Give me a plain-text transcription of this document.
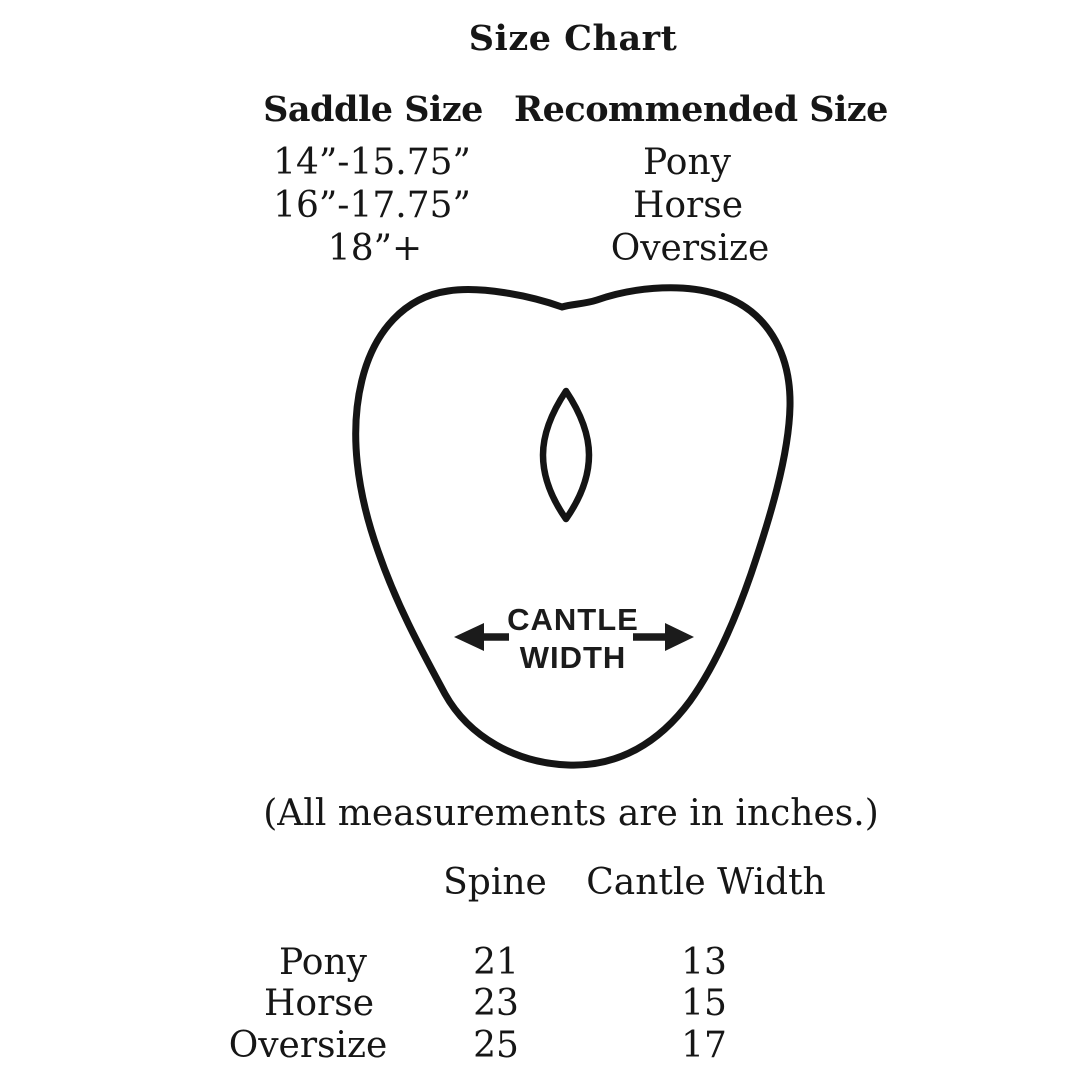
Size Chart
Saddle Size Recommended Size
14”-15.75”	Pony
16”-17.75”	Horse
18”+	Oversize
CANTLE
WIDTH
(All measurements are in inches.)
Spine Cantle Width
Pony	21	13
Horse	23	15
Oversize 25	17
